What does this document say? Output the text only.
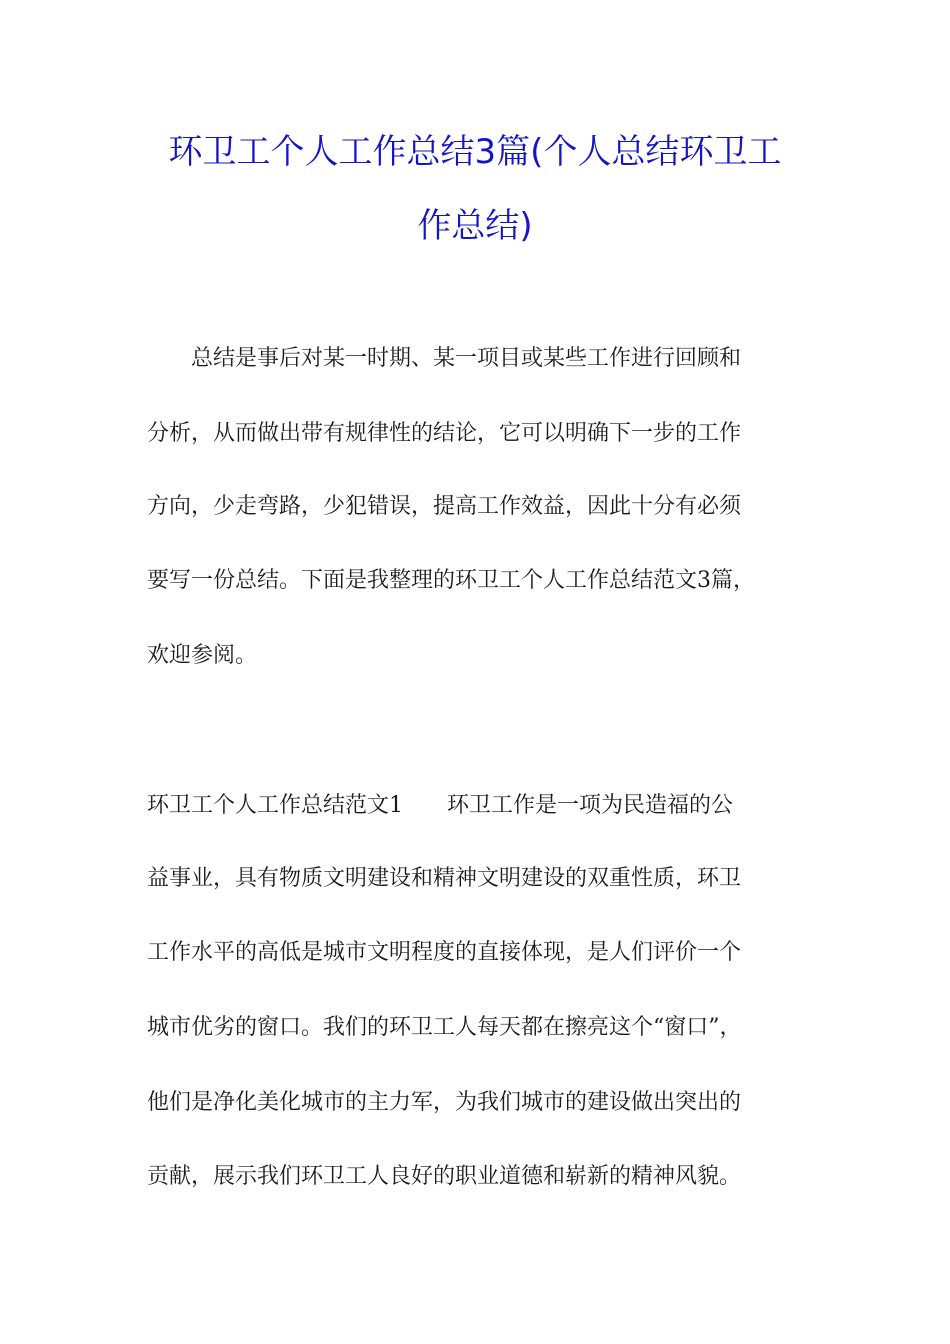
环卫工个人工作总结3篇(个人总结环卫工
作总结)
总结是事后对某一时期、某一项目或某些工作进行回顾和
分析，从而做出带有规律性的结论，它可以明确下一步的工作
方向，少走弯路，少犯错误，提高工作效益，因此十分有必须
要写一份总结。下面是我整理的环卫工个人工作总结范文3篇，
欢迎参阅。
环卫工个人工作总结范文1　　环卫工作是一项为民造福的公
益事业，具有物质文明建设和精神文明建设的双重性质，环卫
工作水平的高低是城市文明程度的直接体现，是人们评价一个
城市优劣的窗口。我们的环卫工人每天都在擦亮这个“窗口”，
他们是净化美化城市的主力军，为我们城市的建设做出突出的
贡献，展示我们环卫工人良好的职业道德和崭新的精神风貌。
